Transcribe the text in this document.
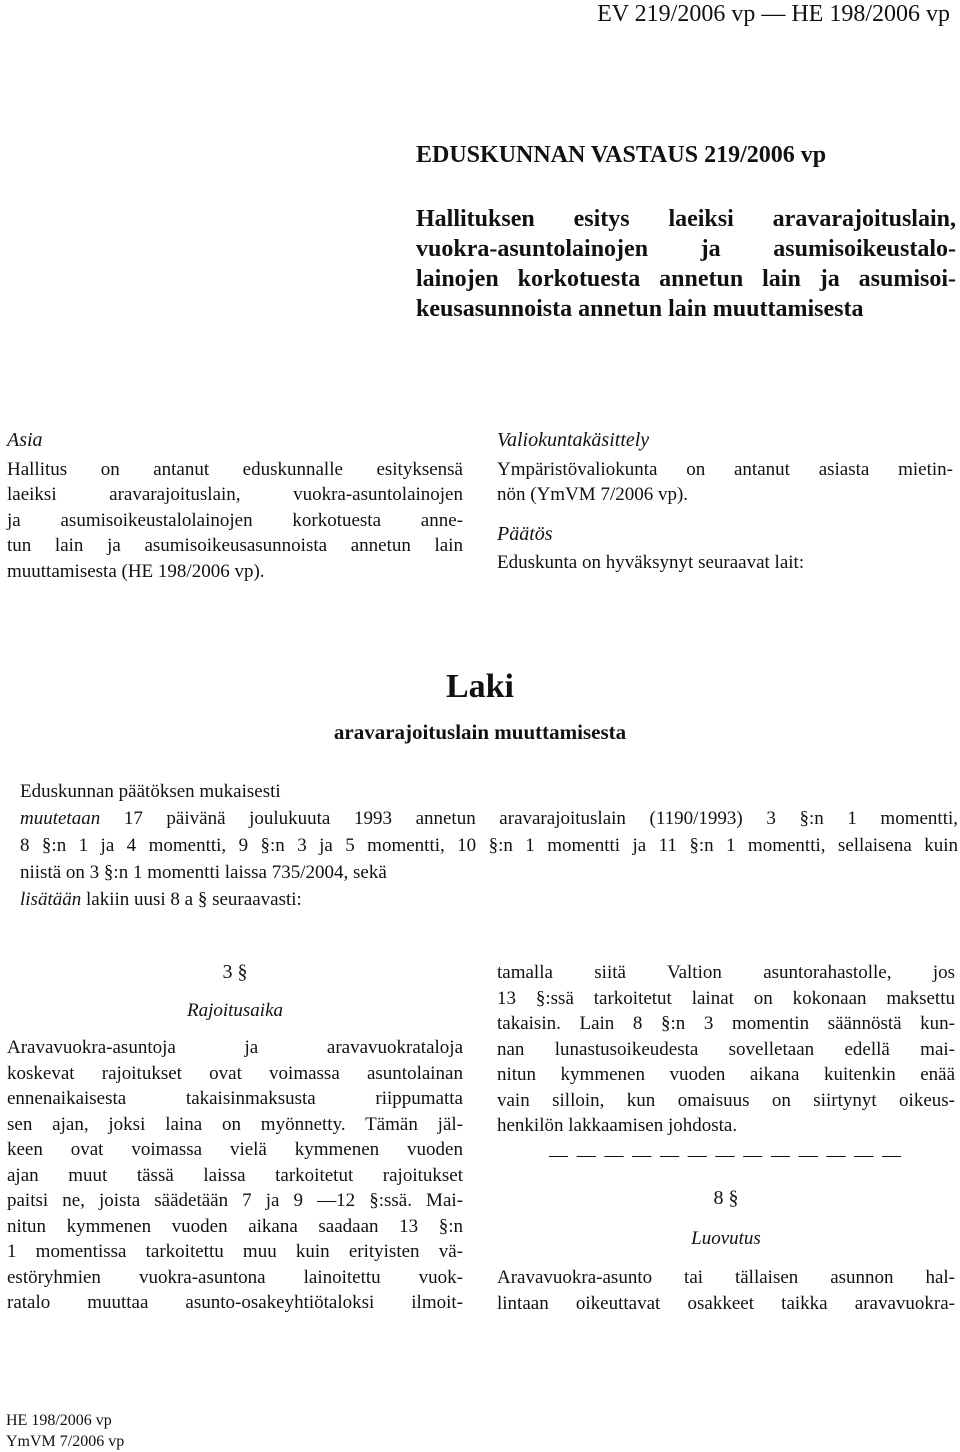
EV 219/2006 vp — HE 198/2006 vp
EDUSKUNNAN VASTAUS 219/2006 vp
Hallituksen esitys laeiksi aravarajoituslain,
vuokra-asuntolainojen ja asumisoikeustalo-
lainojen korkotuesta annetun lain ja asumisoi-
keusasunnoista annetun lain muuttamisesta
Asia
Hallitus on antanut eduskunnalle esityksensä
laeiksi aravarajoituslain, vuokra-asuntolainojen
ja asumisoikeustalolainojen korkotuesta anne-
tun lain ja asumisoikeusasunnoista annetun lain
muuttamisesta (HE 198/2006 vp).
Valiokuntakäsittely
Ympäristövaliokunta on antanut asiasta mietin-
nön (YmVM 7/2006 vp).
Päätös
Eduskunta on hyväksynyt seuraavat lait:
Laki
aravarajoituslain muuttamisesta
Eduskunnan päätöksen mukaisesti
muutetaan 17 päivänä joulukuuta 1993 annetun aravarajoituslain (1190/1993) 3 §:n 1 momentti,
8 §:n 1 ja 4 momentti, 9 §:n 3 ja 5 momentti, 10 §:n 1 momentti ja 11 §:n 1 momentti, sellaisena kuin
niistä on 3 §:n 1 momentti laissa 735/2004, sekä
lisätään lakiin uusi 8 a § seuraavasti:
3 §
Rajoitusaika
Aravavuokra-asuntoja ja aravavuokrataloja
koskevat rajoitukset ovat voimassa asuntolainan
ennenaikaisesta takaisinmaksusta riippumatta
sen ajan, joksi laina on myönnetty. Tämän jäl-
keen ovat voimassa vielä kymmenen vuoden
ajan muut tässä laissa tarkoitetut rajoitukset
paitsi ne, joista säädetään 7 ja 9 —12 §:ssä. Mai-
nitun kymmenen vuoden aikana saadaan 13 §:n
1 momentissa tarkoitettu muu kuin erityisten vä-
estöryhmien vuokra-asuntona lainoitettu vuok-
ratalo muuttaa asunto-osakeyhtiötaloksi ilmoit-
tamalla siitä Valtion asuntorahastolle, jos
13 §:ssä tarkoitetut lainat on kokonaan maksettu
takaisin. Lain 8 §:n 3 momentin säännöstä kun-
nan lunastusoikeudesta sovelletaan edellä mai-
nitun kymmenen vuoden aikana kuitenkin enää
vain silloin, kun omaisuus on siirtynyt oikeus-
henkilön lakkaamisen johdosta.
— — — — — — — — — — — — —
8 §
Luovutus
Aravavuokra-asunto tai tällaisen asunnon hal-
lintaan oikeuttavat osakkeet taikka aravavuokra-
HE 198/2006 vp
YmVM 7/2006 vp
